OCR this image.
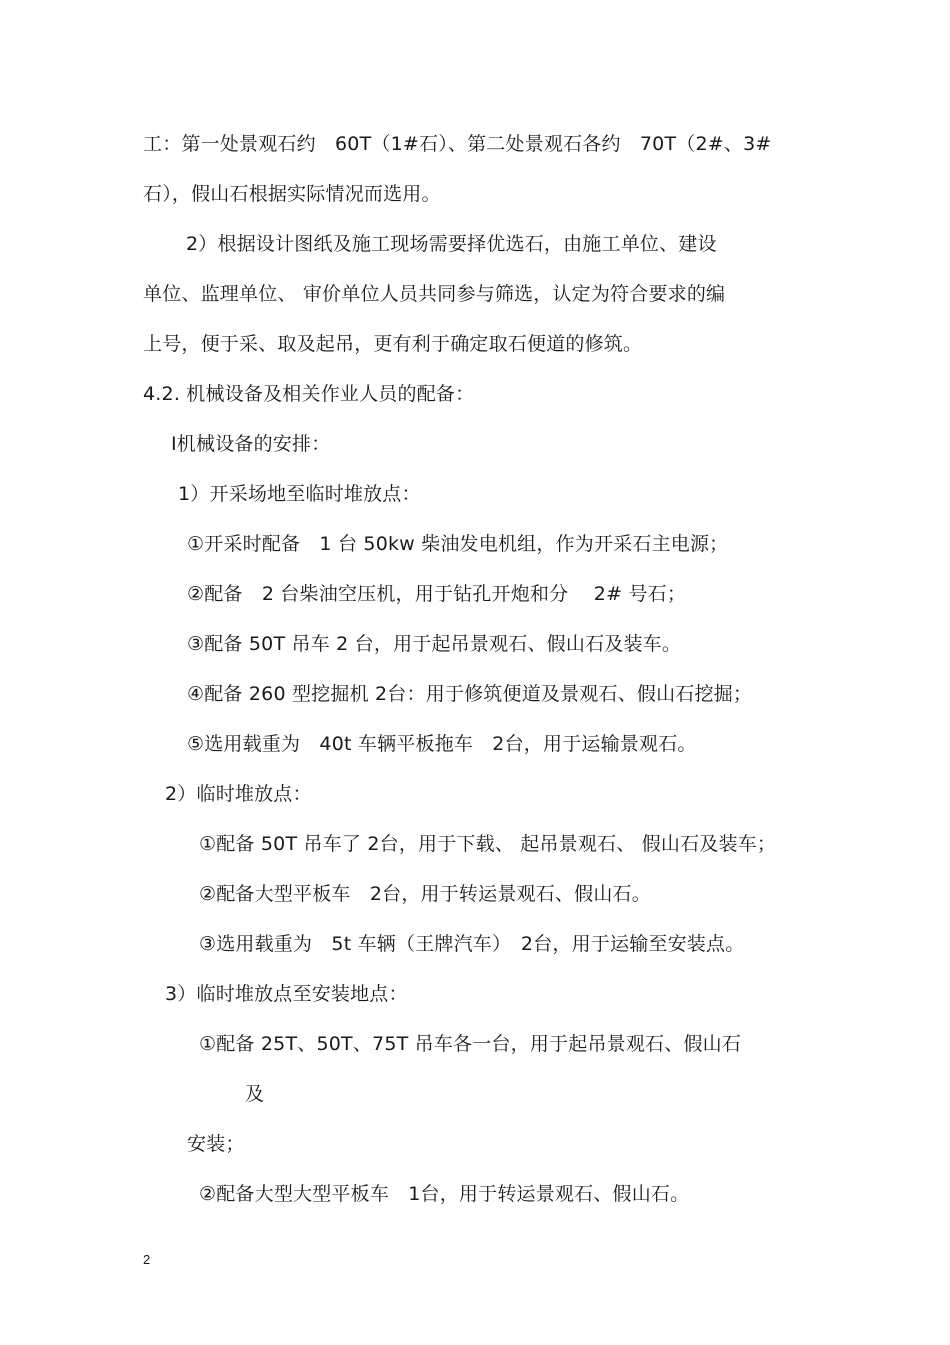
工：第一处景观石约　60T（1#石）、第二处景观石各约　70T（2#、3#
石），假山石根据实际情况而选用。
2）根据设计图纸及施工现场需要择优选石，由施工单位、建设
单位、监理单位、 审价单位人员共同参与筛选，认定为符合要求的编
上号，便于采、取及起吊，更有利于确定取石便道的修筑。
4.2. 机械设备及相关作业人员的配备：
Ⅰ机械设备的安排：
1）开采场地至临时堆放点：
①开采时配备　1 台 50kw 柴油发电机组，作为开采石主电源；
②配备　2 台柴油空压机，用于钻孔开炮和分　 2# 号石；
③配备 50T 吊车 2 台，用于起吊景观石、假山石及装车。
④配备 260 型挖掘机 2台：用于修筑便道及景观石、假山石挖掘；
⑤选用载重为　40t 车辆平板拖车　2台，用于运输景观石。
2）临时堆放点：
①配备 50T 吊车了 2台，用于下载、 起吊景观石、 假山石及装车；
②配备大型平板车　2台，用于转运景观石、假山石。
③选用载重为　5t 车辆（王牌汽车）　2台，用于运输至安装点。
3）临时堆放点至安装地点：
①配备 25T、50T、75T 吊车各一台，用于起吊景观石、假山石
及
安装；
②配备大型大型平板车　1台，用于转运景观石、假山石。
2
